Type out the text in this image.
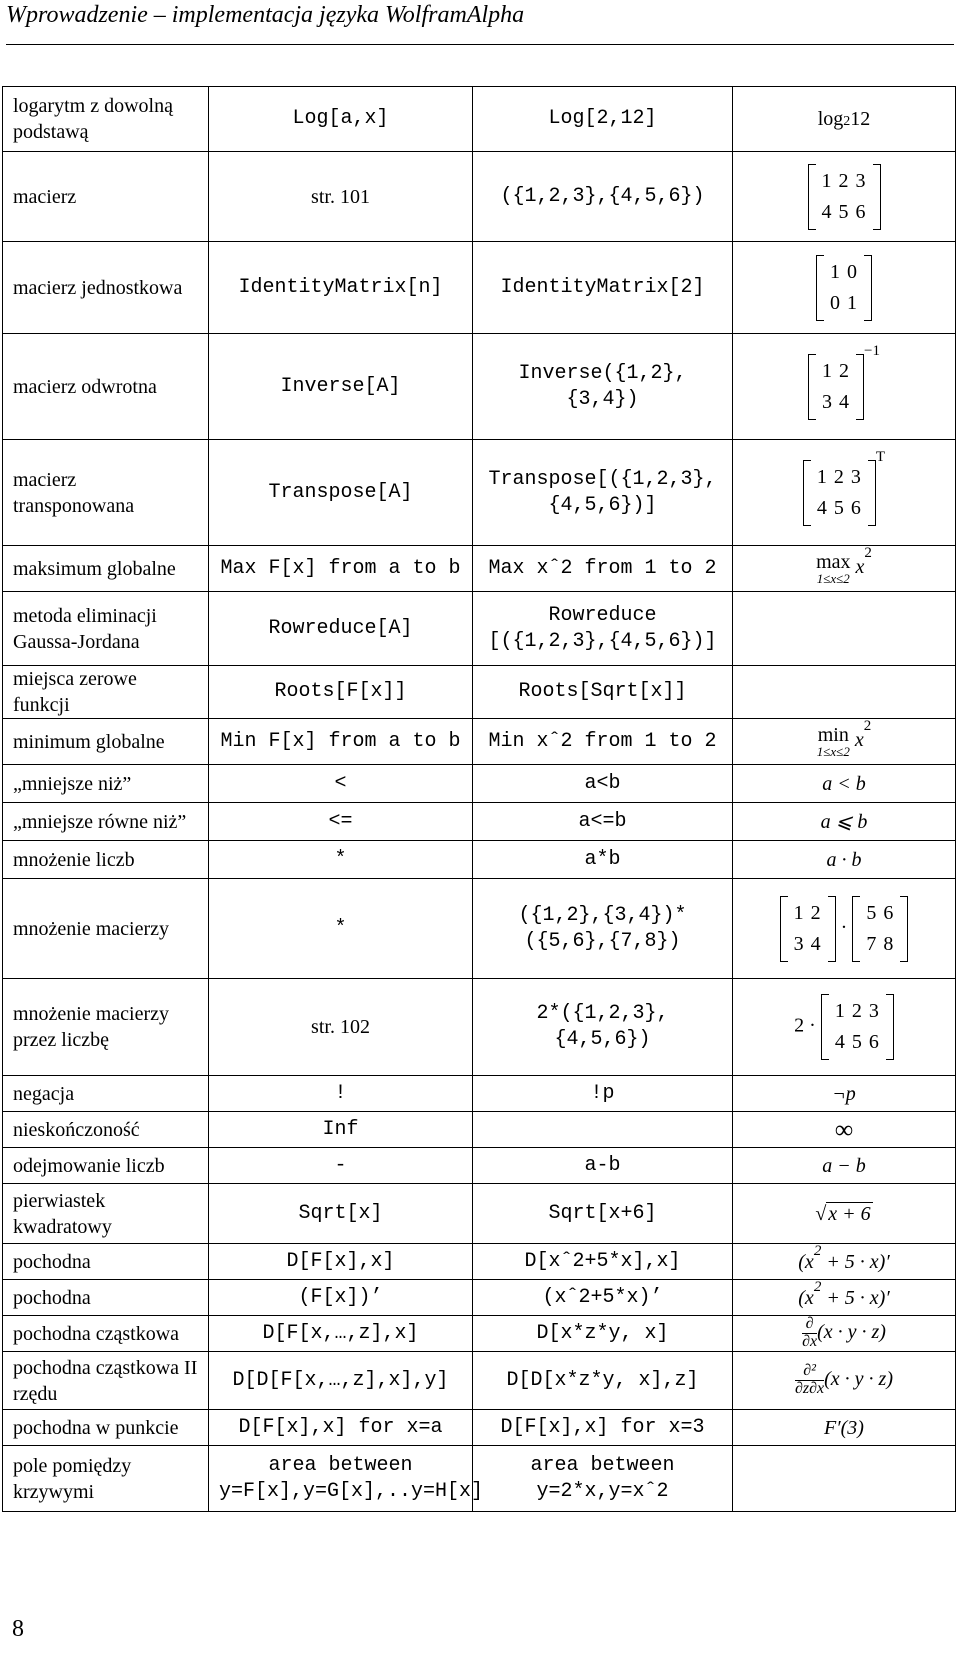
Wprowadzenie – implementacja języka WolframAlpha
logarytm z dowolną podstawą	Log[a,x]	Log[2,12]	log212
macierz	str. 101	({1,2,3},{4,5,6})	1 2 3
4 5 6

macierz jednostkowa	IdentityMatrix[n]	IdentityMatrix[2]	1 0
0 1

macierz odwrotna	Inverse[A]	Inverse({1,2},{3,4})	1 2
3 4
$^{-1}$
macierz transponowana	Transpose[A]	Transpose[({1,2,3},{4,5,6})]	1 2 3
4 5 6
$^T$
maksimum globalne	Max F[x] from a to b	Max xˆ2 from 1 to 2	max
1≤x≤2
$x^2$
metoda eliminacji Gaussa-Jordana	Rowreduce[A]	Rowreduce [({1,2,3},{4,5,6})]	
miejsca zerowe funkcji	Roots[F[x]]	Roots[Sqrt[x]]	
minimum globalne	Min F[x] from a to b	Min xˆ2 from 1 to 2	min
1≤x≤2
$x^2$
„mniejsze niż”	<	a<b	a < b
„mniejsze równe niż”	<=	a<=b	a ⩽ b
mnożenie liczb	*	a*b	a · b
mnożenie macierzy	*	({1,2},{3,4})* ({5,6},{7,8})	1 2
3 4
·
5 6
7 8

mnożenie macierzy przez liczbę	str. 102	2*({1,2,3}, {4,5,6})	2 ·
1 2 3
4 5 6

negacja	!	!p	¬p
nieskończoność	Inf		∞
odejmowanie liczb	-	a-b	a − b
pierwiastek kwadratowy	Sqrt[x]	Sqrt[x+6]	√ x + 6
pochodna	D[F[x],x]	D[xˆ2+5*x],x]	$(x^2 + 5 \cdot x)'$
pochodna	(F[x])’	(xˆ2+5*x)’	$(x^2 + 5 \cdot x)'$
pochodna cząstkowa	D[F[x,…,z],x]	D[x*z*y, x]	$\frac{\partial}{\partial x} (x \cdot y \cdot z)$
pochodna cząstkowa II rzędu	D[D[F[x,…,z],x],y]	D[D[x*z*y, x],z]	$\frac{\text{∂²}}{\partial z\partial x} (x \cdot y \cdot z)$
pochodna w punkcie	D[F[x],x] for x=a	D[F[x],x] for x=3	F′(3)
pole pomiędzy krzywymi	area between y=F[x],y=G[x],..y=H[x]	area between y=2*x,y=xˆ2	
8
